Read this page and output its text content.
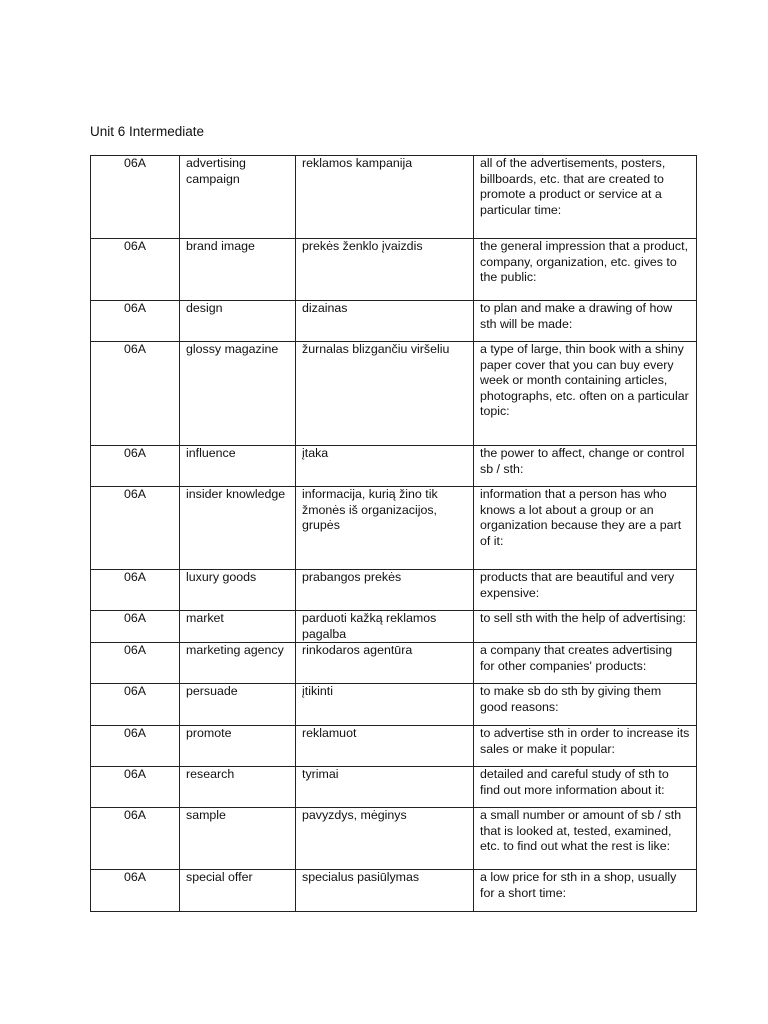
Unit 6 Intermediate
06A	advertising campaign	reklamos kampanija	all of the advertisements, posters, billboards, etc. that are created to promote a product or service at a particular time:
06A	brand image	prekės ženklo įvaizdis	the general impression that a product, company, organization, etc. gives to the public:
06A	design	dizainas	to plan and make a drawing of how sth will be made:
06A	glossy magazine	žurnalas blizgančiu viršeliu	a type of large, thin book with a shiny paper cover that you can buy every week or month containing articles, photographs, etc. often on a particular topic:
06A	influence	įtaka	the power to affect, change or control sb / sth:
06A	insider knowledge	informacija, kurią žino tik žmonės iš organizacijos, grupės	information that a person has who knows a lot about a group or an organization because they are a part of it:
06A	luxury goods	prabangos prekės	products that are beautiful and very expensive:
06A	market	parduoti kažką reklamos pagalba	to sell sth with the help of advertising:
06A	marketing agency	rinkodaros agentūra	a company that creates advertising for other companies' products:
06A	persuade	įtikinti	to make sb do sth by giving them good reasons:
06A	promote	reklamuot	to advertise sth in order to increase its sales or make it popular:
06A	research	tyrimai	detailed and careful study of sth to find out more information about it:
06A	sample	pavyzdys, mėginys	a small number or amount of sb / sth that is looked at, tested, examined, etc. to find out what the rest is like:
06A	special offer	specialus pasiūlymas	a low price for sth in a shop, usually for a short time:
